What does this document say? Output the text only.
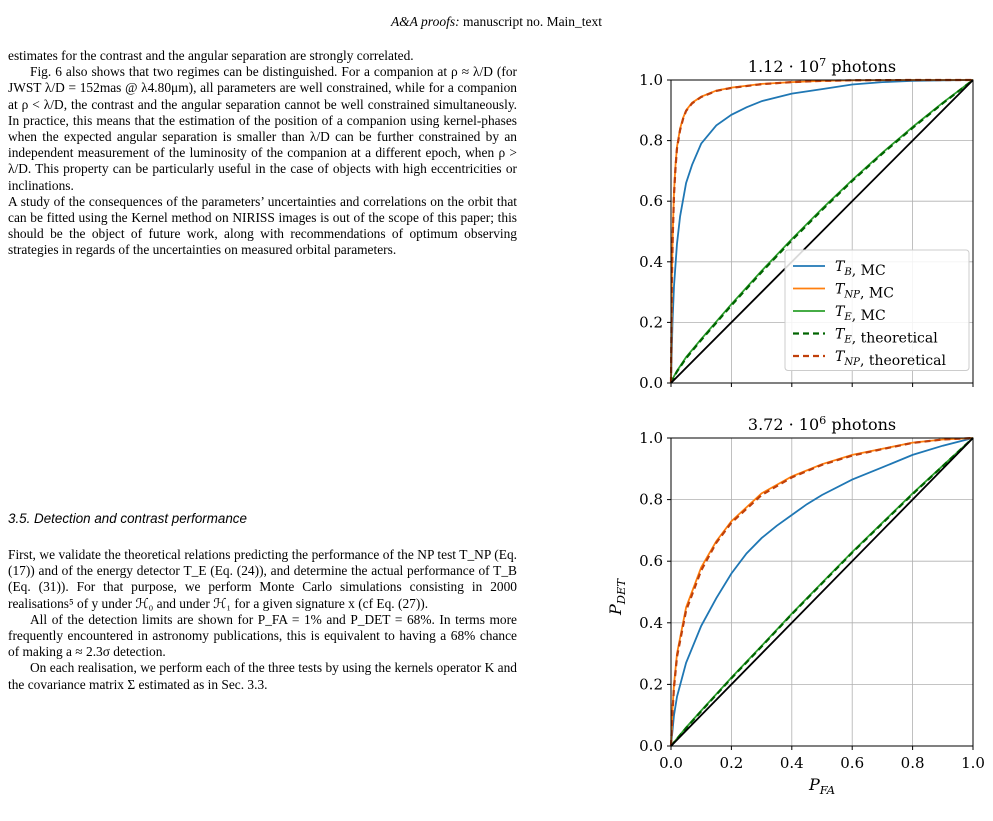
A&A proofs: manuscript no. Main_text

estimates for the contrast and the angular separation are strongly correlated.

Fig. 6 also shows that two regimes can be distinguished. For a companion at ρ ≈ λ/D (for JWST λ/D = 152mas @ λ4.80μm), all parameters are well constrained, while for a companion at ρ < λ/D, the contrast and the angular separation cannot be well constrained simultaneously. In practice, this means that the estimation of the position of a companion using kernel-phases when the expected angular separation is smaller than λ/D can be further constrained by an independent measurement of the luminosity of the companion at a different epoch, when ρ > λ/D. This property can be particularly useful in the case of objects with high eccentricities or inclinations.

A study of the consequences of the parameters’ uncertainties and correlations on the orbit that can be fitted using the Kernel method on NIRISS images is out of the scope of this paper; this should be the object of future work, along with recommendations of optimum observing strategies in regards of the uncertainties on measured orbital parameters.

3.5. Detection and contrast performance

First, we validate the theoretical relations predicting the performance of the NP test T_NP (Eq. (17)) and of the energy detector T_E (Eq. (24)), and determine the actual performance of T_B (Eq. (31)). For that purpose, we perform Monte Carlo simulations consisting in 2000 realisations⁵ of y under ℋ₀ and under ℋ₁ for a given signature x (cf Eq. (27)).

All of the detection limits are shown for P_FA = 1% and P_DET = 68%. In terms more frequently encountered in astronomy publications, this is equivalent to having a 68% chance of making a ≈ 2.3σ detection.

On each realisation, we perform each of the three tests by using the kernels operator K and the covariance matrix Σ estimated as in Sec. 3.3.

0.0
0.2
0.4
0.6
0.8
1.0
$1.12 \cdot 10^7$ photons
$T_B$, MC
$T_{NP}$, MC
$T_E$, MC
$T_E$, theoretical
$T_{NP}$, theoretical
0.0
0.2
0.4
0.6
0.8
1.0
0.0 0.2 0.4 0.6 0.8 1.0
$3.72 \cdot 10^6$ photons
$P_{FA}$
$P_{DET}$
